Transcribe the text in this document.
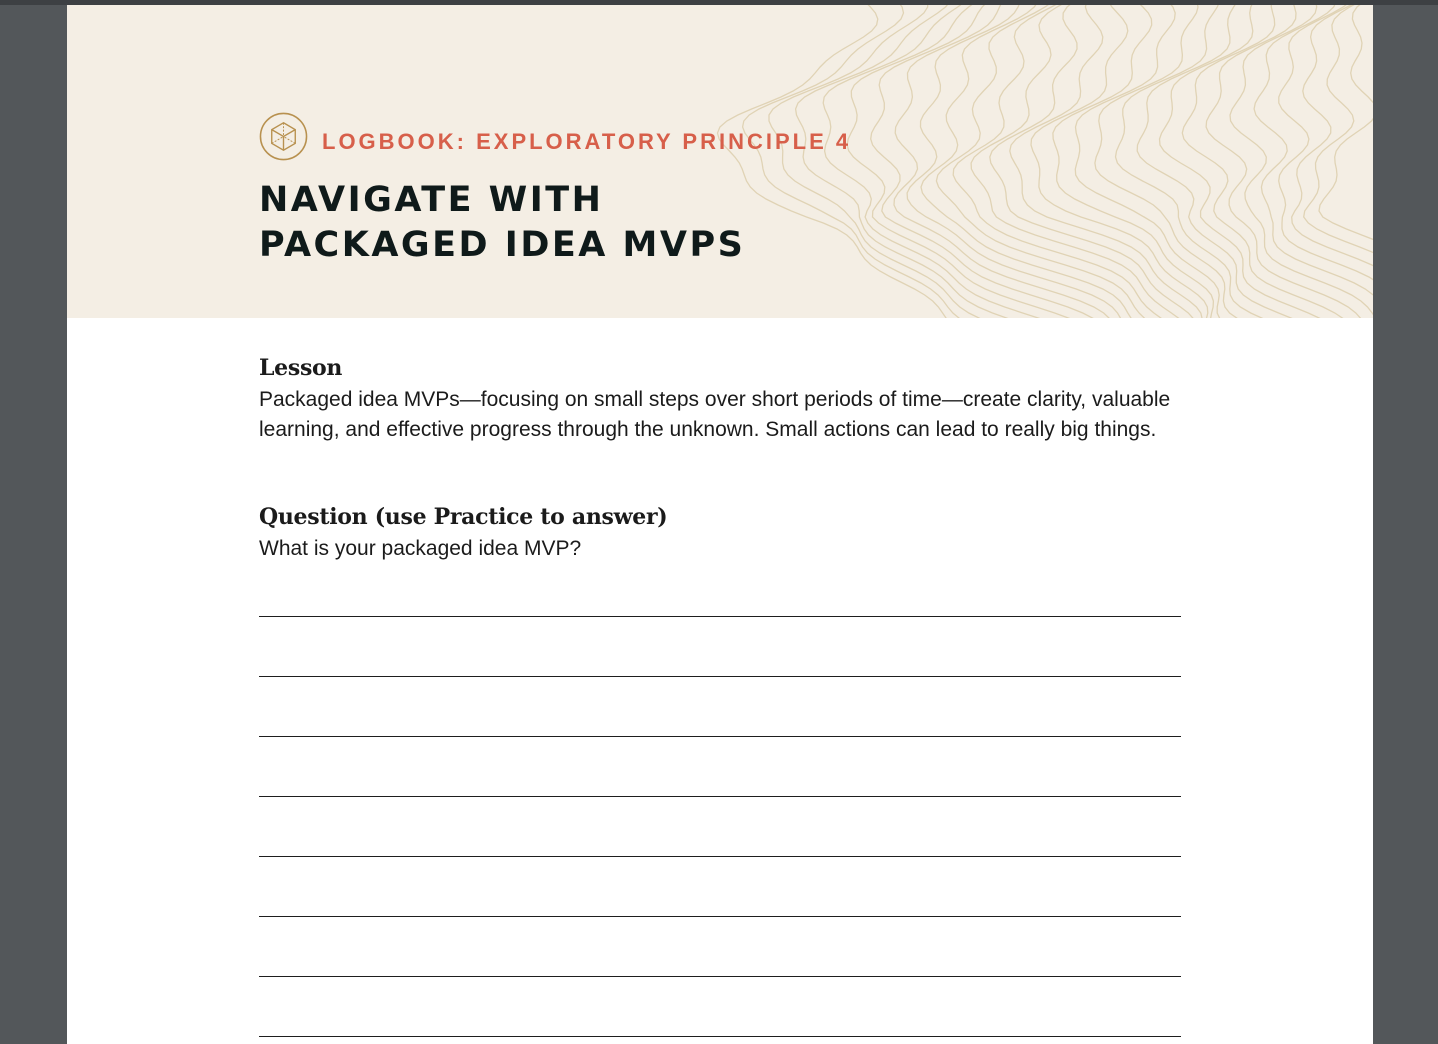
LOGBOOK: EXPLORATORY PRINCIPLE 4
NAVIGATE WITH
PACKAGED IDEA MVPS
Lesson
Packaged idea MVPs—focusing on small steps over short periods of time—create clarity, valuable learning, and effective progress through the unknown. Small actions can lead to really big things.
Question (use Practice to answer)
What is your packaged idea MVP?
